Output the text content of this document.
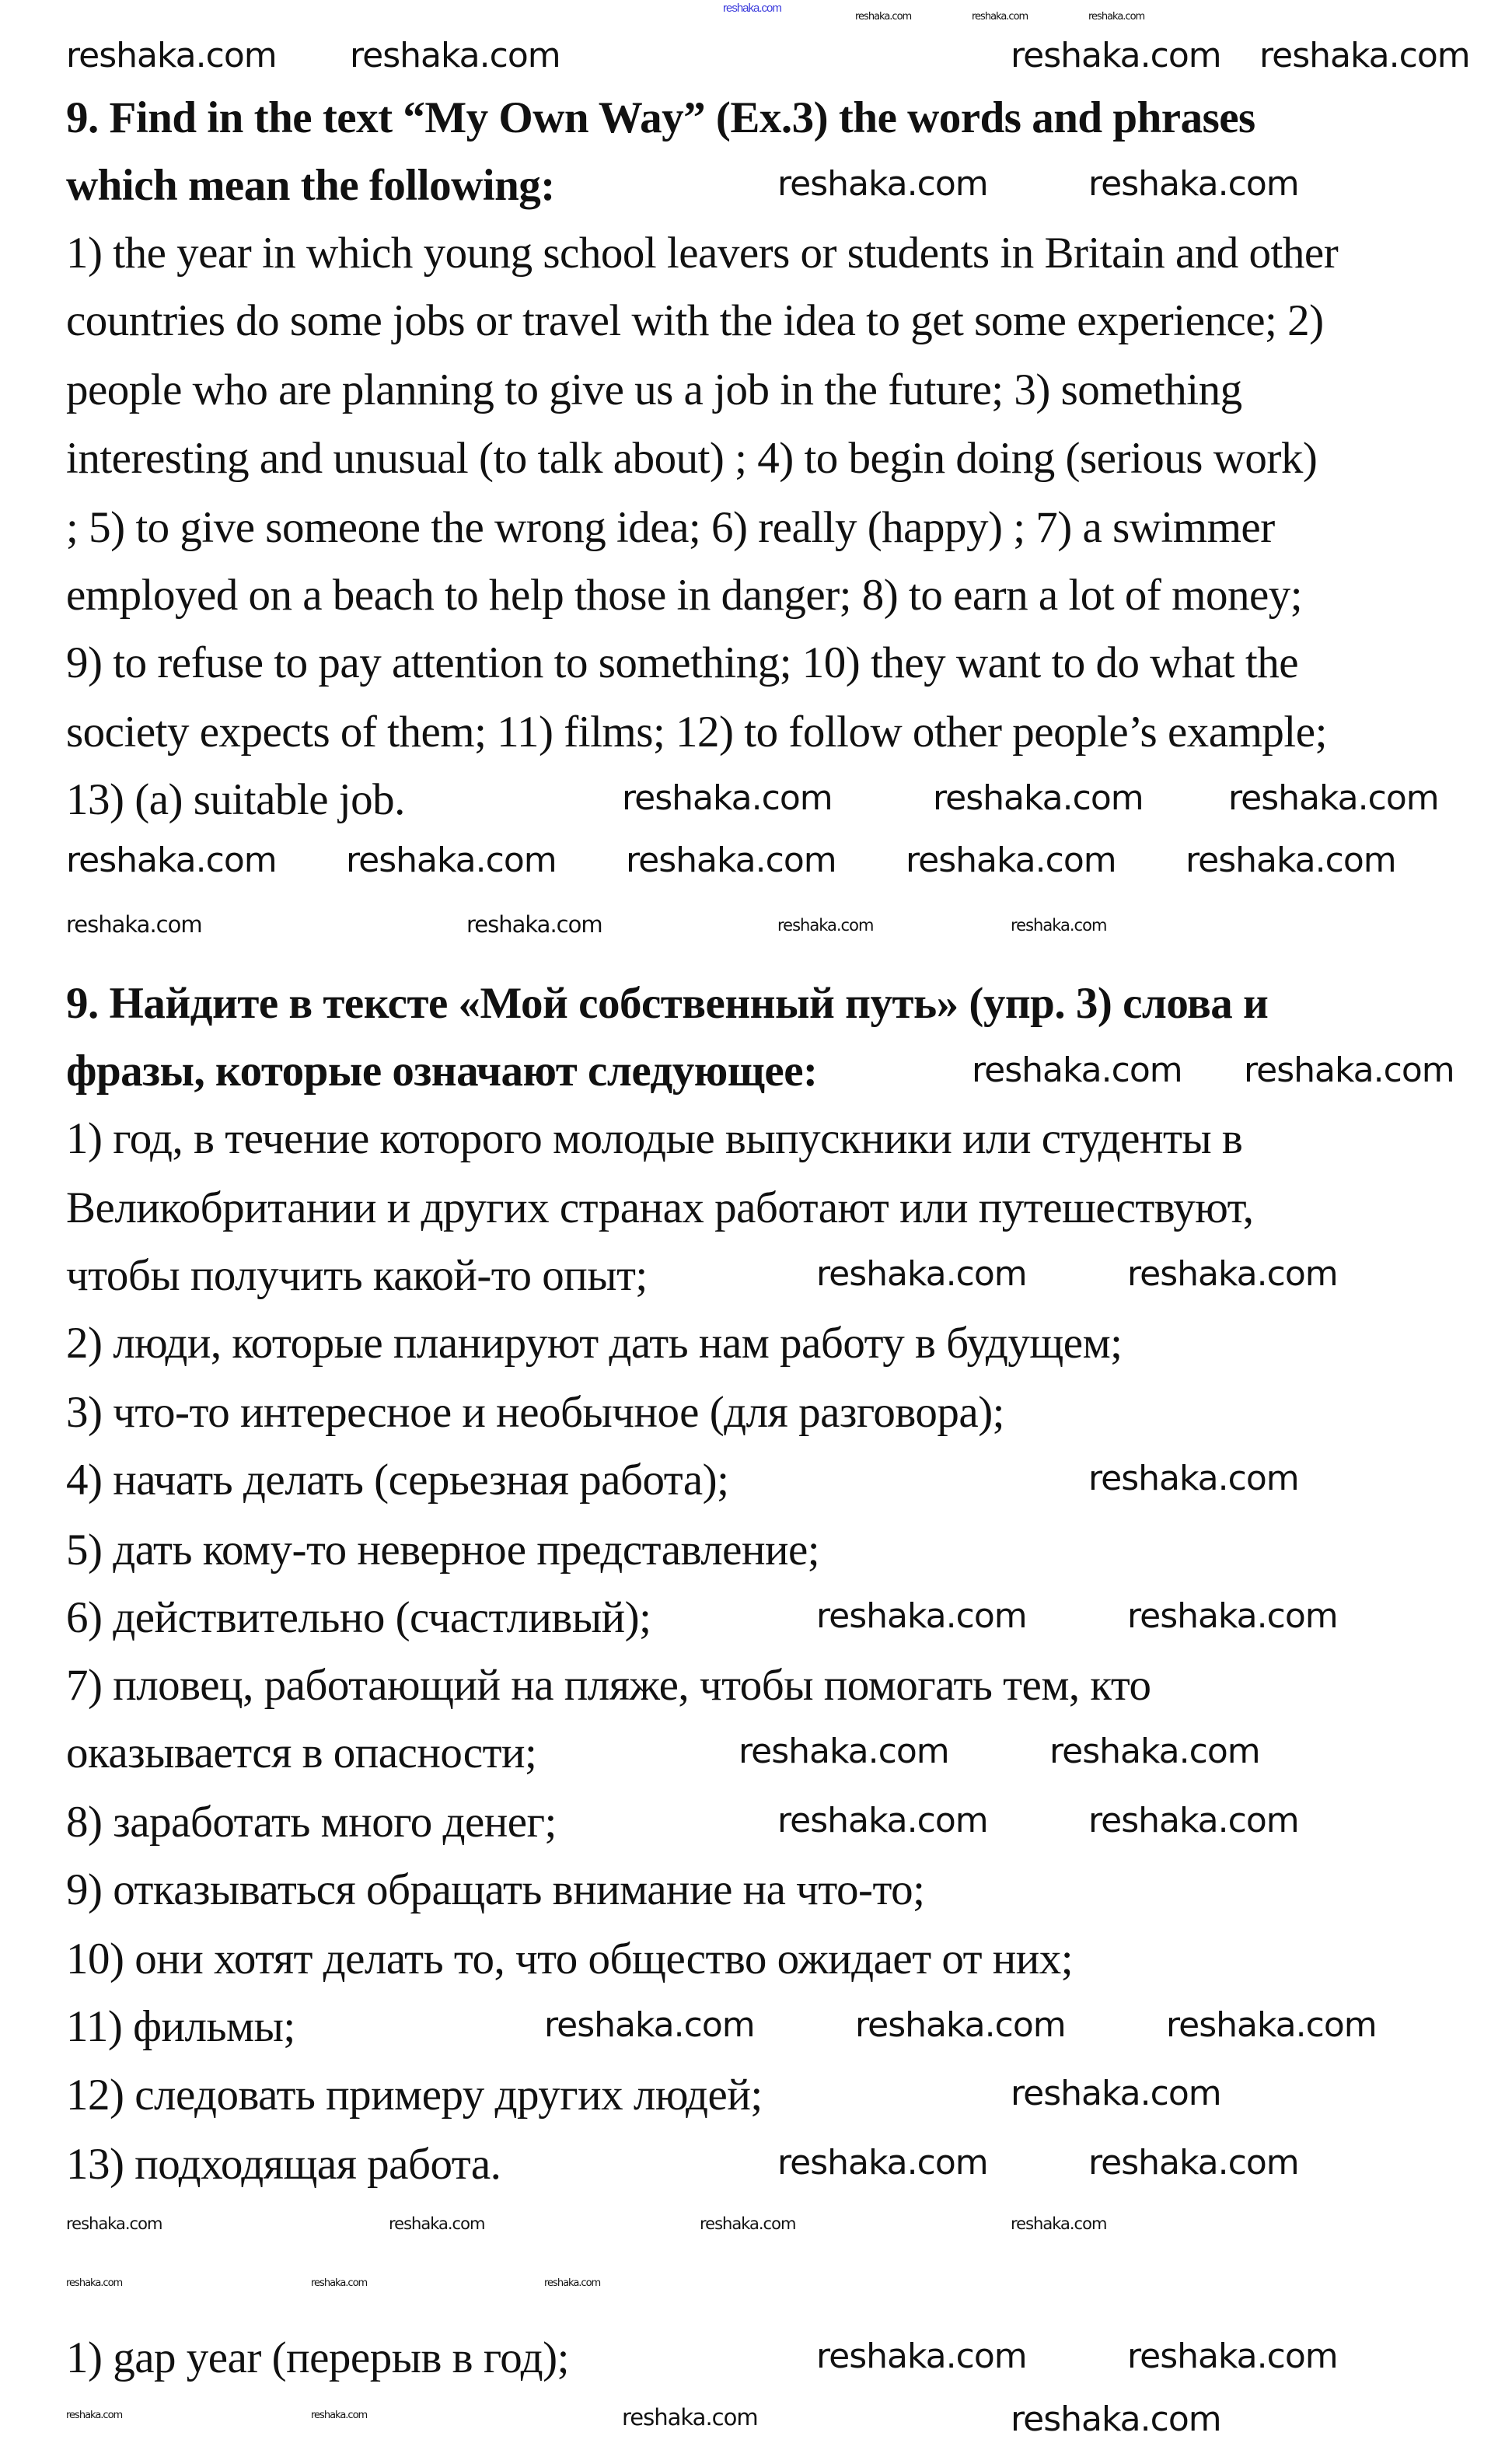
reshaka.com
9. Find in the text “My Own Way” (Ex.3) the words and phrases
which mean the following:
1) the year in which young school leavers or students in Britain and other
countries do some jobs or travel with the idea to get some experience; 2)
people who are planning to give us a job in the future; 3) something
interesting and unusual (to talk about) ; 4) to begin doing (serious work)
; 5) to give someone the wrong idea; 6) really (happy) ; 7) a swimmer
employed on a beach to help those in danger; 8) to earn a lot of money;
9) to refuse to pay attention to something; 10) they want to do what the
society expects of them; 11) films; 12) to follow other people’s example;
13) (a) suitable job.
9. Найдите в тексте «Мой собственный путь» (упр. 3) слова и
фразы, которые означают следующее:
1) год, в течение которого молодые выпускники или студенты в
Великобритании и других странах работают или путешествуют,
чтобы получить какой-то опыт;
2) люди, которые планируют дать нам работу в будущем;
3) что-то интересное и необычное (для разговора);
4) начать делать (серьезная работа);
5) дать кому-то неверное представление;
6) действительно (счастливый);
7) пловец, работающий на пляже, чтобы помогать тем, кто
оказывается в опасности;
8) заработать много денег;
9) отказываться обращать внимание на что-то;
10) они хотят делать то, что общество ожидает от них;
11) фильмы;
12) следовать примеру других людей;
13) подходящая работа.
1) gap year (перерыв в год);
reshaka.com reshaka.com	reshaka.com reshaka.com
reshaka.com	reshaka.com
reshaka.com	reshaka.com reshaka.com
reshaka.com reshaka.com reshaka.com reshaka.com reshaka.com
reshaka.com reshaka.com
reshaka.com	reshaka.com
reshaka.com
reshaka.com	reshaka.com
reshaka.com	reshaka.com
reshaka.com	reshaka.com
reshaka.com	reshaka.com	reshaka.com
reshaka.com
reshaka.com	reshaka.com
reshaka.com	reshaka.com
reshaka.com
reshaka.com	reshaka.com
reshaka.com
reshaka.com	reshaka.com
reshaka.com	reshaka.com	reshaka.com	reshaka.com
reshaka.com	reshaka.com	reshaka.com
reshaka.com	reshaka.com	reshaka.com
reshaka.com	reshaka.com
